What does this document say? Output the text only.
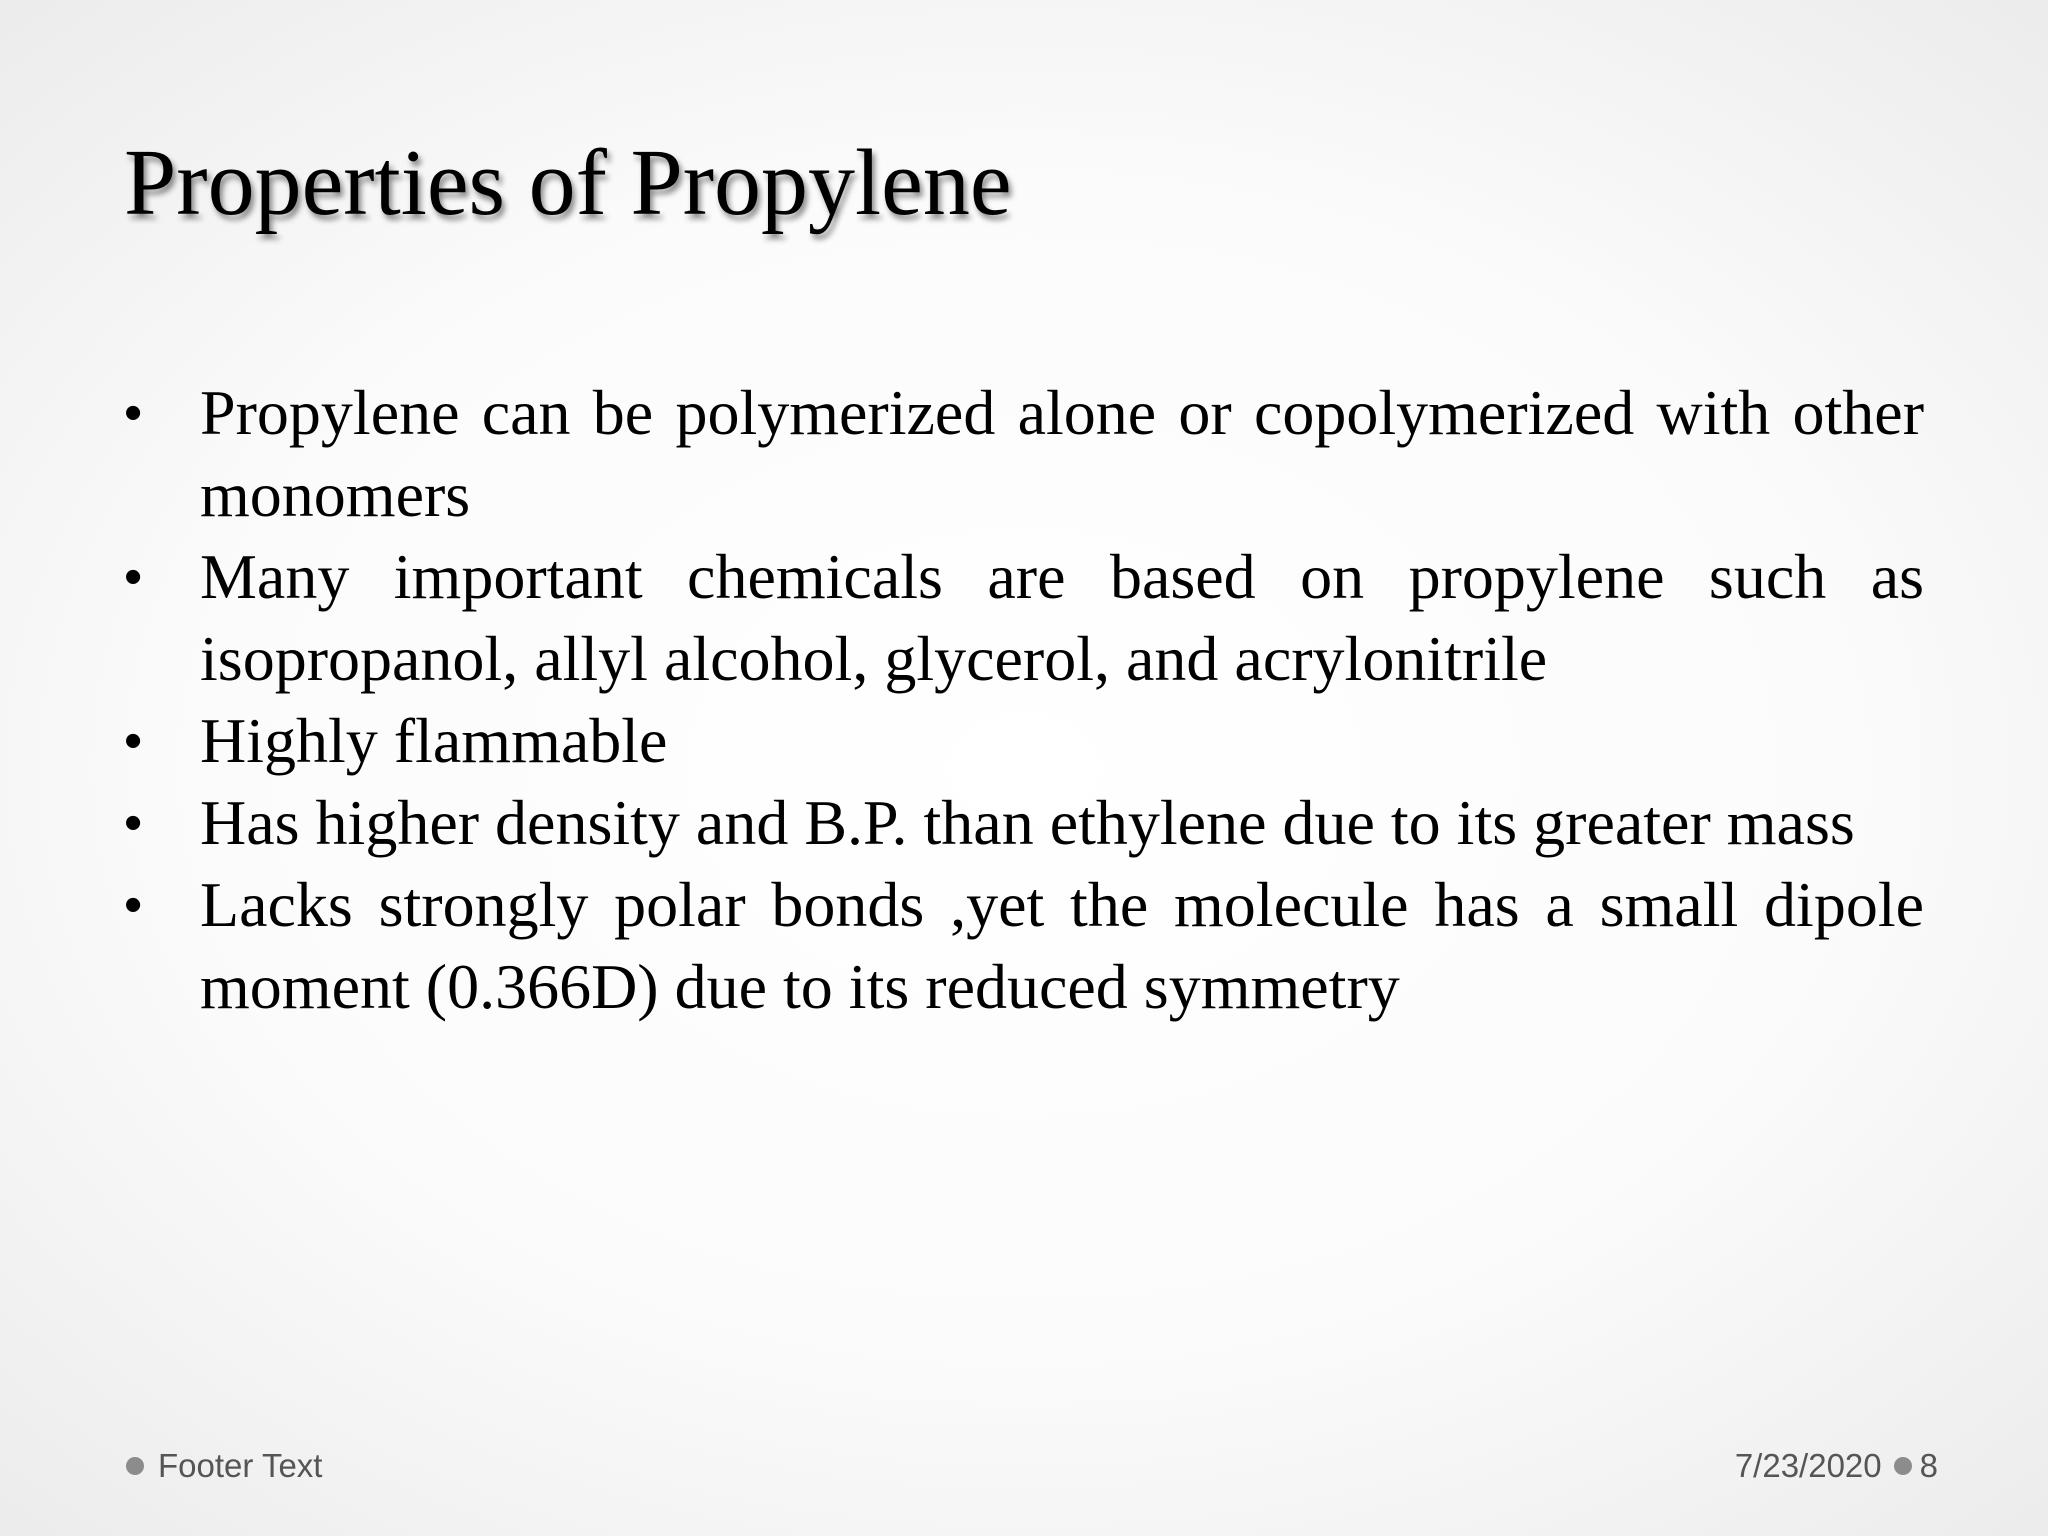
Properties of Propylene
• Propylene can be polymerized alone or copolymerized with other monomers
• Many important chemicals are based on propylene such as isopropanol, allyl alcohol, glycerol, and acrylonitrile
• Highly flammable
• Has higher density and B.P. than ethylene due to its greater mass
• Lacks strongly polar bonds ,yet the molecule has a small dipole moment (0.366D) due to its reduced symmetry
Footer Text	7/23/2020 8
